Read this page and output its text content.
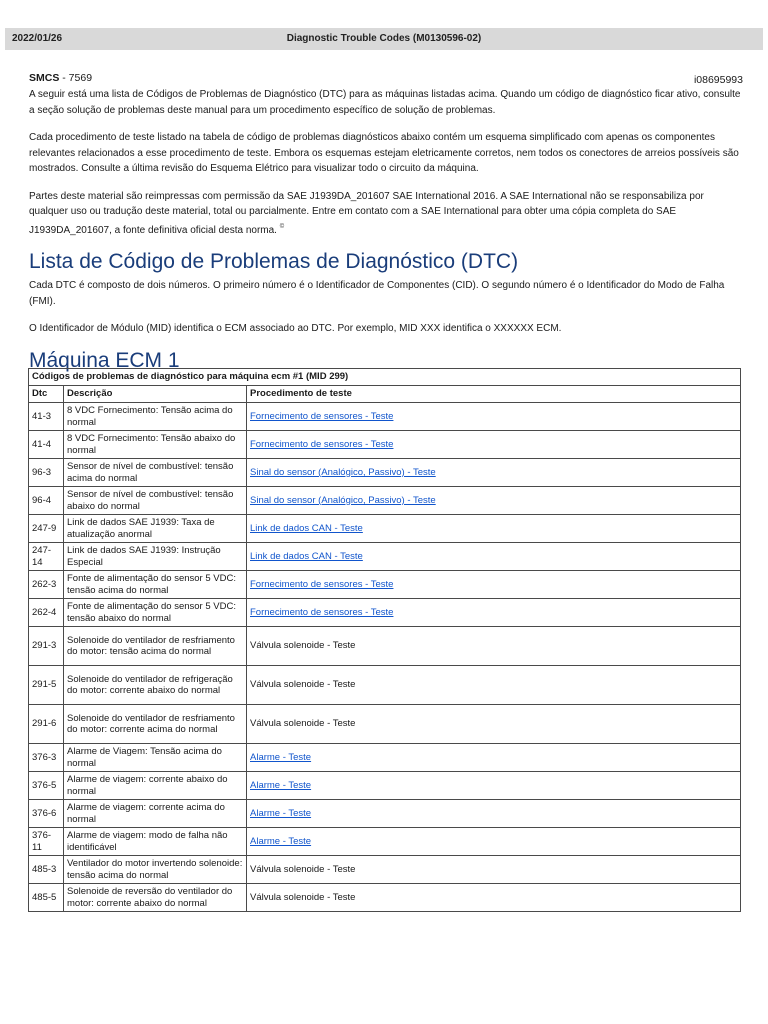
2022/01/26	Diagnostic Trouble Codes (M0130596-02)
SMCS - 7569	i08695993

A seguir está uma lista de Códigos de Problemas de Diagnóstico (DTC) para as máquinas listadas acima. Quando um código de diagnóstico ficar ativo, consulte a seção solução de problemas deste manual para um procedimento específico de solução de problemas.

Cada procedimento de teste listado na tabela de código de problemas diagnósticos abaixo contém um esquema simplificado com apenas os componentes relevantes relacionados a esse procedimento de teste. Embora os esquemas estejam eletricamente corretos, nem todos os conectores de arreios possíveis são mostrados. Consulte a última revisão do Esquema Elétrico para visualizar todo o circuito da máquina.

Partes deste material são reimpressas com permissão da SAE J1939DA_201607 SAE International 2016. A SAE International não se responsabiliza por qualquer uso ou tradução deste material, total ou parcialmente. Entre em contato com a SAE International para obter uma cópia completa do SAE J1939DA_201607, a fonte definitiva oficial desta norma. ©

Lista de Código de Problemas de Diagnóstico (DTC)

Cada DTC é composto de dois números. O primeiro número é o Identificador de Componentes (CID). O segundo número é o Identificador do Modo de Falha (FMI).

O Identificador de Módulo (MID) identifica o ECM associado ao DTC. Por exemplo, MID XXX identifica o XXXXXX ECM.

Máquina ECM 1
Códigos de problemas de diagnóstico para máquina ecm #1 (MID 299)		
Dtc	Descrição	Procedimento de teste
41-3	8 VDC Fornecimento: Tensão acima do normal	Fornecimento de sensores - Teste
41-4	8 VDC Fornecimento: Tensão abaixo do normal	Fornecimento de sensores - Teste
96-3	Sensor de nível de combustível: tensão acima do normal	Sinal do sensor (Analógico, Passivo) - Teste
96-4	Sensor de nível de combustível: tensão abaixo do normal	Sinal do sensor (Analógico, Passivo) - Teste
247-9	Link de dados SAE J1939: Taxa de atualização anormal	Link de dados CAN - Teste
247-14	Link de dados SAE J1939: Instrução Especial	Link de dados CAN - Teste
262-3	Fonte de alimentação do sensor 5 VDC: tensão acima do normal	Fornecimento de sensores - Teste
262-4	Fonte de alimentação do sensor 5 VDC: tensão abaixo do normal	Fornecimento de sensores - Teste
291-3	Solenoide do ventilador de resfriamento do motor: tensão acima do normal	Válvula solenoide - Teste
291-5	Solenoide do ventilador de refrigeração do motor: corrente abaixo do normal	Válvula solenoide - Teste
291-6	Solenoide do ventilador de resfriamento do motor: corrente acima do normal	Válvula solenoide - Teste
376-3	Alarme de Viagem: Tensão acima do normal	Alarme - Teste
376-5	Alarme de viagem: corrente abaixo do normal	Alarme - Teste
376-6	Alarme de viagem: corrente acima do normal	Alarme - Teste
376-11	Alarme de viagem: modo de falha não identificável	Alarme - Teste
485-3	Ventilador do motor invertendo solenoide: tensão acima do normal	Válvula solenoide - Teste
485-5	Solenoide de reversão do ventilador do motor: corrente abaixo do normal	Válvula solenoide - Teste
